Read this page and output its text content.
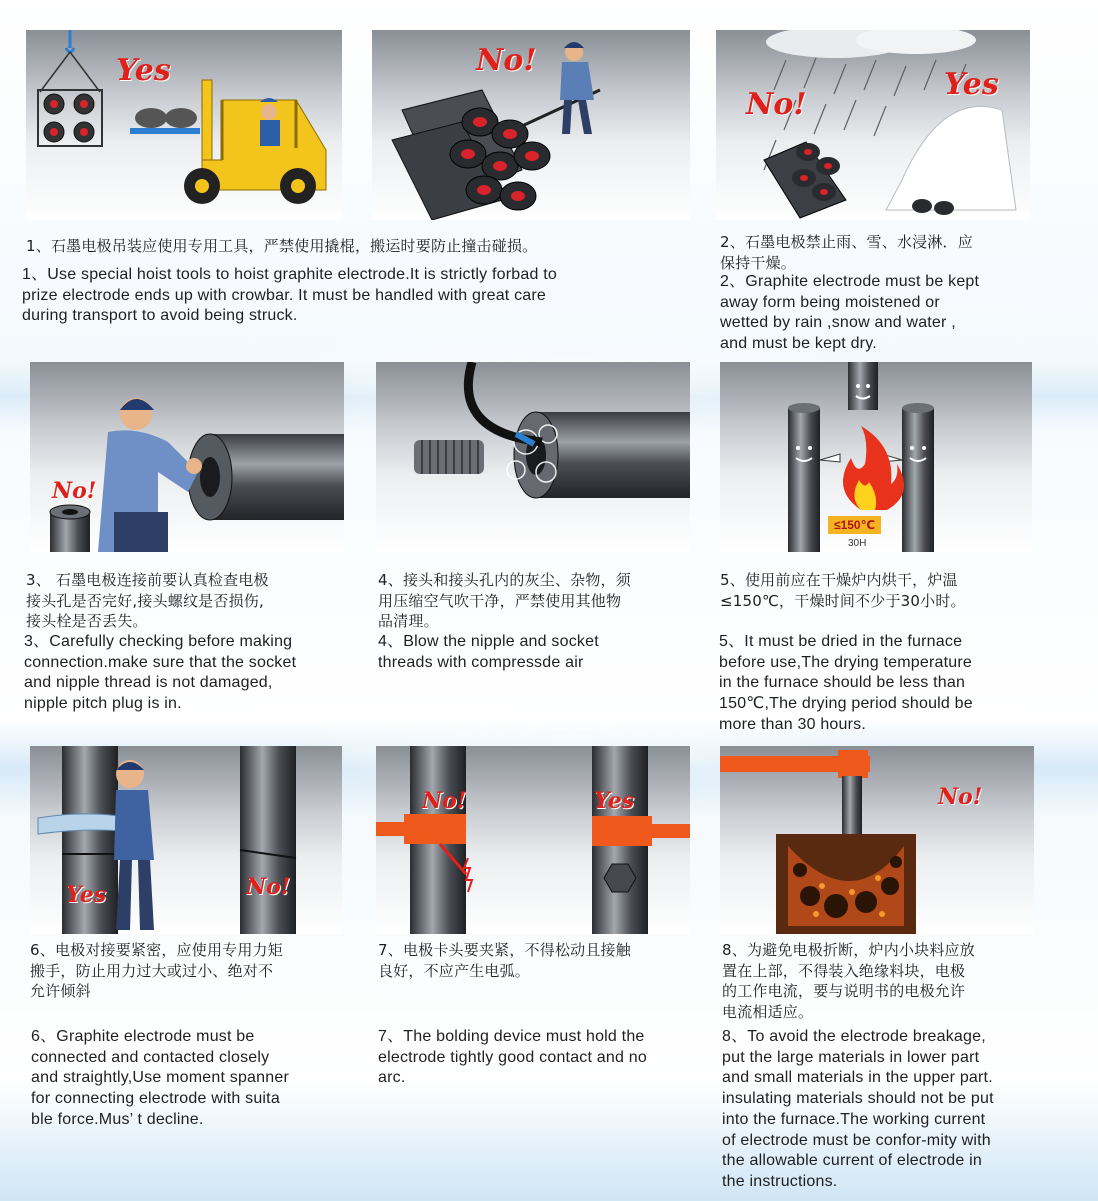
Yes	No!
No!
Yes
1、石墨电极吊装应使用专用工具，严禁使用撬棍，搬运时要防止撞击碰损。
1、Use special hoist tools to hoist graphite electrode.It is strictly forbad to
prize electrode ends up with crowbar. It must be handled with great care
during transport to avoid being struck.
2、石墨电极禁止雨、雪、水浸淋．应
保持干燥。
2、Graphite electrode must be kept
away form being moistened or
wetted by rain ,snow and water ,
and must be kept dry.
No!
≤150℃
30H
3、 石墨电极连接前要认真检查电极
接头孔是否完好,接头螺纹是否损伤,
接头栓是否丢失。
3、Carefully checking before making
connection.make sure that the socket
and nipple thread is not damaged,
nipple pitch plug is in.
4、接头和接头孔内的灰尘、杂物，须
用压缩空气吹干净，严禁使用其他物
品清理。
4、Blow the nipple and socket
threads with compressde air
5、使用前应在干燥炉内烘干，炉温
≤150℃，干燥时间不少于30小时。
5、It must be dried in the furnace
before use,The drying temperature
in the furnace should be less than
150℃,The drying period should be
more than 30 hours.
Yes	No!
No!	Yes	No!
6、电极对接要紧密，应使用专用力矩
搬手，防止用力过大或过小、绝对不
允许倾斜
6、Graphite electrode must be
connected and contacted closely
and straightly,Use moment spanner
for connecting electrode with suita
ble force.Mus’ t decline.
7、电极卡头要夹紧，不得松动且接触
良好，不应产生电弧。
7、The bolding device must hold the
electrode tightly good contact and no
arc.
8、为避免电极折断，炉内小块料应放
置在上部，不得装入绝缘料块，电极
的工作电流，要与说明书的电极允许
电流相适应。
8、To avoid the electrode breakage,
put the large materials in lower part
and small materials in the upper part.
insulating materials should not be put
into the furnace.The working current
of electrode must be confor-mity with
the allowable current of electrode in
the instructions.
